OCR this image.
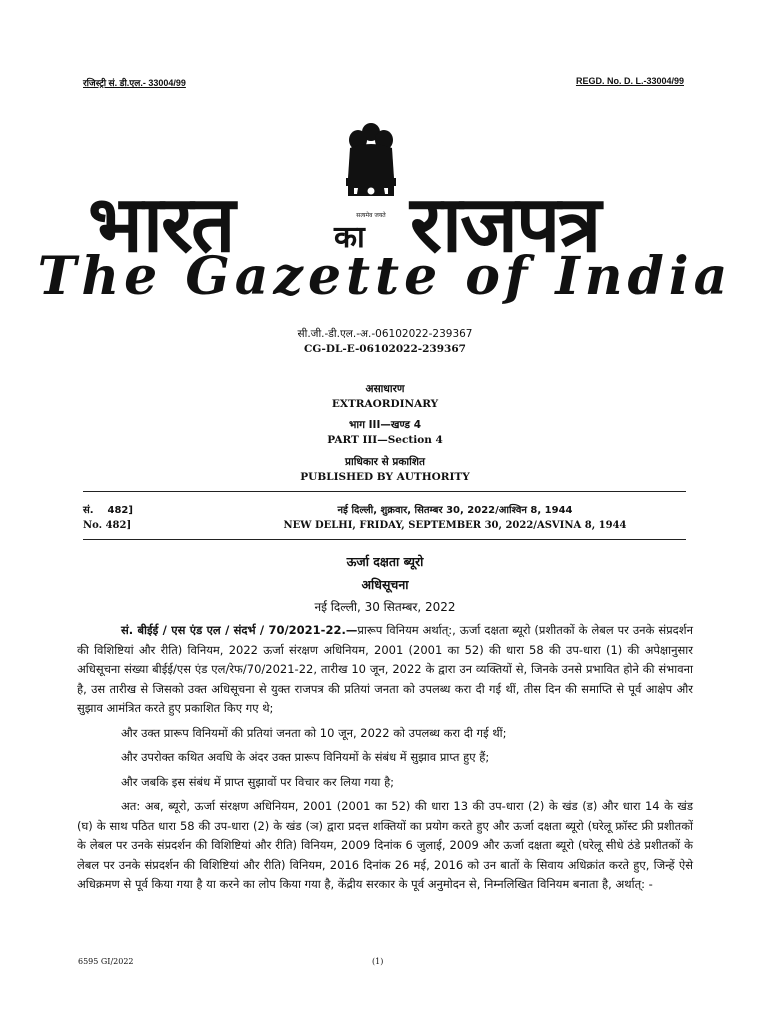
रजिस्ट्री सं. डी.एल.- 33004/99	REGD. No. D. L.-33004/99
सत्यमेव जयते
भारत	का राजपत्र
The Gazette of India
सी.जी.-डी.एल.-अ.-06102022-239367
CG-DL-E-06102022-239367
असाधारण
EXTRAORDINARY
भाग III—खण्ड 4
PART III—Section 4
प्राधिकार से प्रकाशित
PUBLISHED BY AUTHORITY
सं.    482]
No. 482]
नई दिल्ली, शुक्रवार, सितम्बर 30, 2022/आश्विन 8, 1944
NEW DELHI, FRIDAY, SEPTEMBER 30, 2022/ASVINA 8, 1944
ऊर्जा दक्षता ब्यूरो
अधिसूचना
नई दिल्ली, 30 सितम्बर, 2022

सं. बीईई / एस एंड एल / संदर्भ / 70/2021-22.—प्रारूप विनियम अर्थात्:, ऊर्जा दक्षता ब्यूरो (प्रशीतकों के लेबल पर उनके संप्रदर्शन की विशिष्टियां और रीति) विनियम, 2022 ऊर्जा संरक्षण अधिनियम, 2001 (2001 का 52) की धारा 58 की उप-धारा (1) की अपेक्षानुसार अधिसूचना संख्या बीईई/एस एंड एल/रेफ/70/2021-22, तारीख 10 जून, 2022 के द्वारा उन व्यक्तियों से, जिनके उनसे प्रभावित होने की संभावना है, उस तारीख से जिसको उक्त अधिसूचना से युक्त राजपत्र की प्रतियां जनता को उपलब्ध करा दी गई थीं, तीस दिन की समाप्ति से पूर्व आक्षेप और सुझाव आमंत्रित करते हुए प्रकाशित किए गए थे;

और उक्त प्रारूप विनियमों की प्रतियां जनता को 10 जून, 2022 को उपलब्ध करा दी गई थीं;

और उपरोक्त कथित अवधि के अंदर उक्त प्रारूप विनियमों के संबंध में सुझाव प्राप्त हुए हैं;

और जबकि इस संबंध में प्राप्त सुझावों पर विचार कर लिया गया है;

अत: अब, ब्यूरो, ऊर्जा संरक्षण अधिनियम, 2001 (2001 का 52) की धारा 13 की उप-धारा (2) के खंड (ड) और धारा 14 के खंड (घ) के साथ पठित धारा 58 की उप-धारा (2) के खंड (ञ) द्वारा प्रदत्त शक्तियों का प्रयोग करते हुए और ऊर्जा दक्षता ब्यूरो (घरेलू फ्रॉस्ट फ्री प्रशीतकों के लेबल पर उनके संप्रदर्शन की विशिष्टियां और रीति) विनियम, 2009 दिनांक 6 जुलाई, 2009 और ऊर्जा दक्षता ब्यूरो (घरेलू सीधे ठंडे प्रशीतकों के लेबल पर उनके संप्रदर्शन की विशिष्टियां और रीति) विनियम, 2016 दिनांक 26 मई, 2016 को उन बातों के सिवाय अधिक्रांत करते हुए, जिन्हें ऐसे अधिक्रमण से पूर्व किया गया है या करने का लोप किया गया है, केंद्रीय सरकार के पूर्व अनुमोदन से, निम्नलिखित विनियम बनाता है, अर्थात्: -

6595 GI/2022	(1)
